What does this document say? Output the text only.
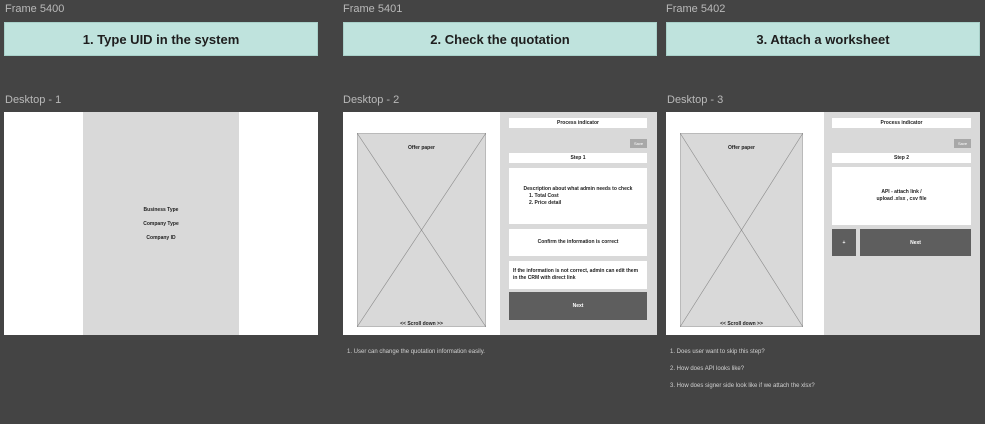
Frame 5400	Frame 5401	Frame 5402
1. Type UID in the system	2. Check the quotation	3. Attach a worksheet
Desktop - 1	Desktop - 2	Desktop - 3
Business Type
Company Type
Company ID
Offer paper
<< Scroll down >>
Process indicator
Save
Step 1
Description about what admin needs to check
1. Total Cost
2. Price detail
Confirm the information is correct
If the information is not correct, admin can edit them
in the CRM with direct link
Next
Offer paper
<< Scroll down >>
Process indicator
Save
Step 2
API - attach link /
upload .xlsx , csv file
+	Next
1. User can change the quotation information easily.	1. Does user want to skip this step?
2. How does API looks like?
3. How does signer side look like if we attach the xlsx?
